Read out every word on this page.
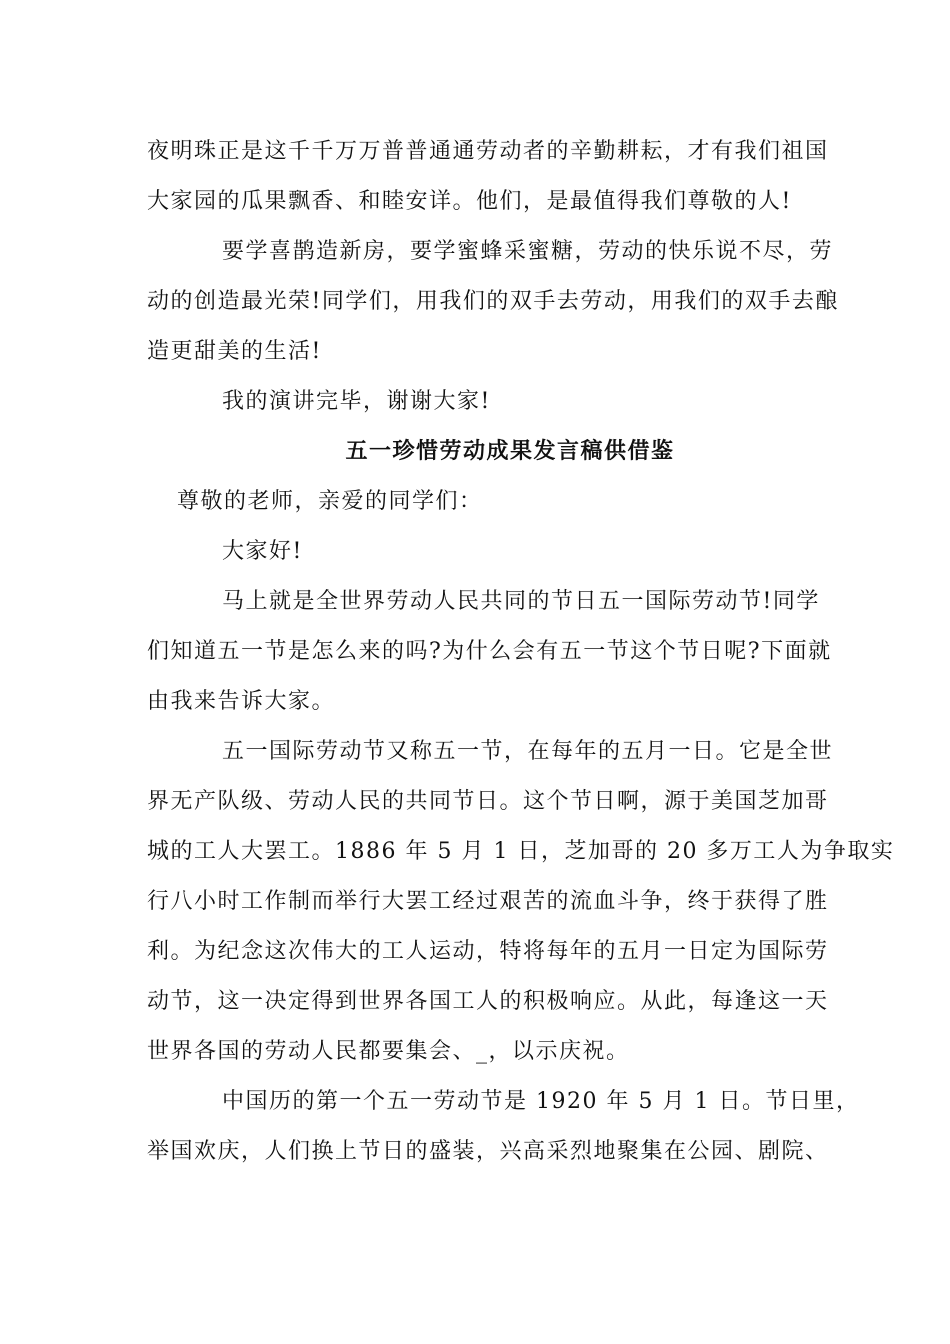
夜明珠正是这千千万万普普通通劳动者的辛勤耕耘，才有我们祖国
大家园的瓜果飘香、和睦安详。他们，是最值得我们尊敬的人!
要学喜鹊造新房，要学蜜蜂采蜜糖，劳动的快乐说不尽，劳
动的创造最光荣!同学们，用我们的双手去劳动，用我们的双手去酿
造更甜美的生活!
我的演讲完毕，谢谢大家!
五一珍惜劳动成果发言稿供借鉴
尊敬的老师，亲爱的同学们：
大家好!
马上就是全世界劳动人民共同的节日五一国际劳动节!同学
们知道五一节是怎么来的吗?为什么会有五一节这个节日呢?下面就
由我来告诉大家。
五一国际劳动节又称五一节，在每年的五月一日。它是全世
界无产队级、劳动人民的共同节日。这个节日啊，源于美国芝加哥
城的工人大罢工。1886 年 5 月 1 日，芝加哥的 20 多万工人为争取实
行八小时工作制而举行大罢工经过艰苦的流血斗争，终于获得了胜
利。为纪念这次伟大的工人运动，特将每年的五月一日定为国际劳
动节，这一决定得到世界各国工人的积极响应。从此，每逢这一天
世界各国的劳动人民都要集会、_，以示庆祝。
中国历的第一个五一劳动节是 1920 年 5 月 1 日。节日里，
举国欢庆，人们换上节日的盛装，兴高采烈地聚集在公园、剧院、
